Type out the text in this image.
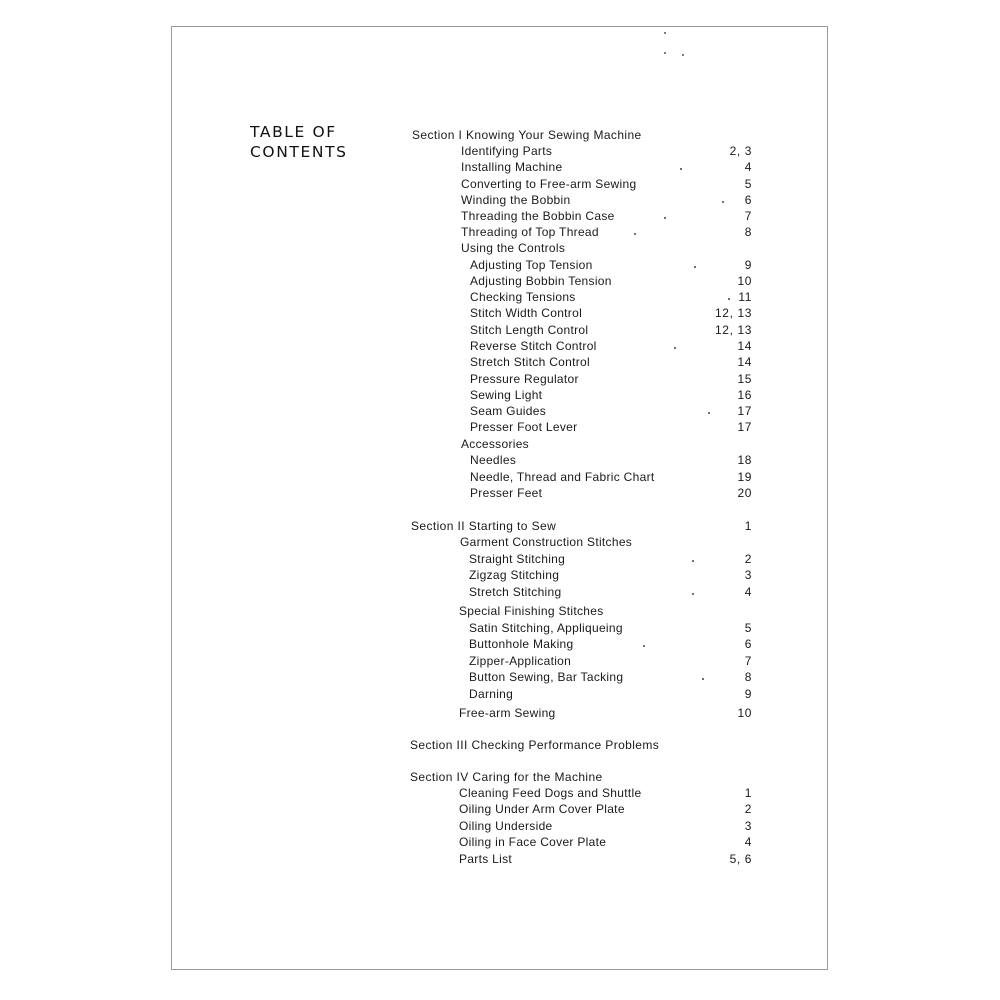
TABLE OF
CONTENTS
Section I Knowing Your Sewing Machine
Identifying Parts	2, 3
Installing Machine	4
Converting to Free-arm Sewing	5
Winding the Bobbin	6
Threading the Bobbin Case	7
Threading of Top Thread	8
Using the Controls
Adjusting Top Tension	9
Adjusting Bobbin Tension	10
Checking Tensions	11
Stitch Width Control	12, 13
Stitch Length Control	12, 13
Reverse Stitch Control	14
Stretch Stitch Control	14
Pressure Regulator	15
Sewing Light	16
Seam Guides	17
Presser Foot Lever	17
Accessories
Needles	18
Needle, Thread and Fabric Chart	19
Presser Feet	20
Section II Starting to Sew	1
Garment Construction Stitches
Straight Stitching	2
Zigzag Stitching	3
Stretch Stitching	4
Special Finishing Stitches
Satin Stitching, Appliqueing	5
Buttonhole Making	6
Zipper-Application	7
Button Sewing, Bar Tacking	8
Darning	9
Free-arm Sewing	10
Section III Checking Performance Problems
Section IV Caring for the Machine
Cleaning Feed Dogs and Shuttle	1
Oiling Under Arm Cover Plate	2
Oiling Underside	3
Oiling in Face Cover Plate	4
Parts List	5, 6
